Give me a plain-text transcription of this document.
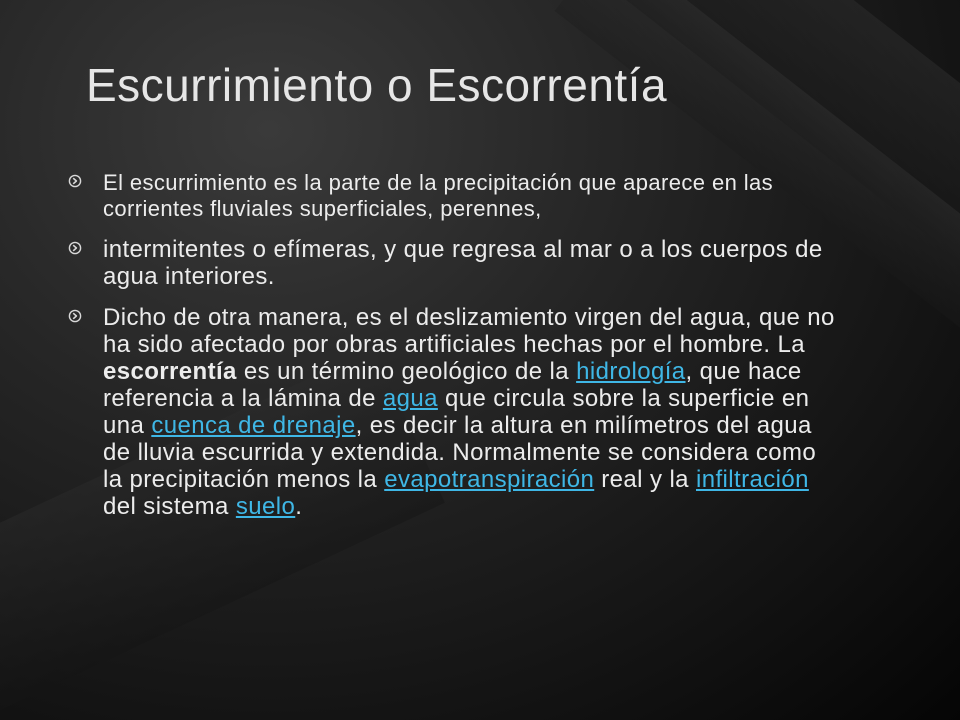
Escurrimiento o Escorrentía
El escurrimiento es la parte de la precipitación que aparece en las corrientes fluviales superficiales, perennes,
intermitentes o efímeras, y que regresa al mar o a los cuerpos de agua interiores.
Dicho de otra manera, es el deslizamiento virgen del agua, que no ha sido afectado por obras artificiales hechas por el hombre. La escorrentía es un término geológico de la hidrología, que hace referencia a la lámina de agua que circula sobre la superficie en una cuenca de drenaje, es decir la altura en milímetros del agua de lluvia escurrida y extendida. Normalmente se considera como la precipitación menos la evapotranspiración real y la infiltración del sistema suelo.
